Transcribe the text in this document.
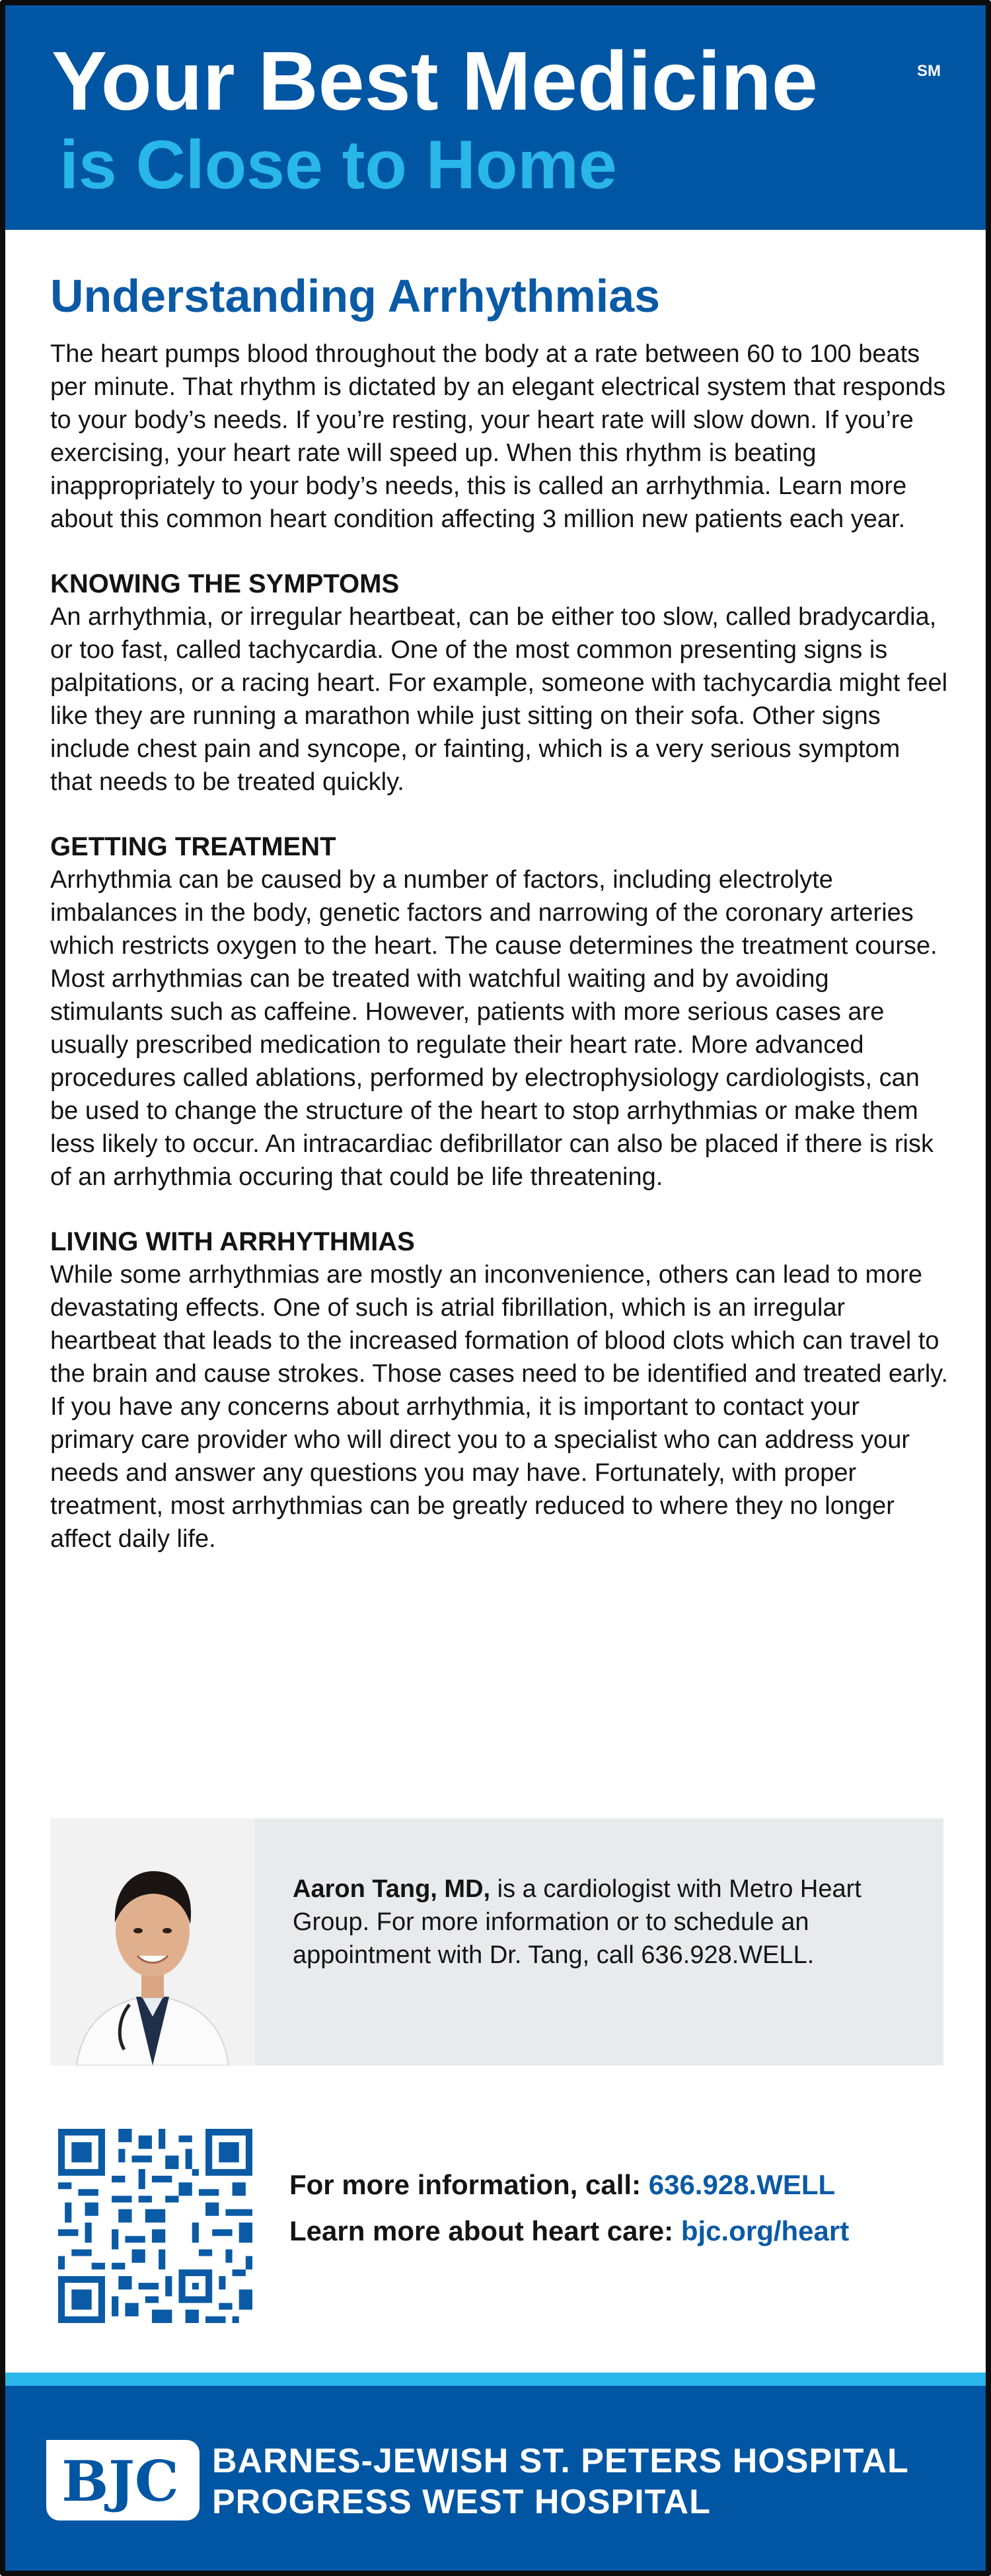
Your Best Medicine	SM
is Close to Home
Understanding Arrhythmias

The heart pumps blood throughout the body at a rate between 60 to 100 beats per minute. That rhythm is dictated by an elegant electrical system that responds to your body’s needs. If you’re resting, your heart rate will slow down. If you’re exercising, your heart rate will speed up. When this rhythm is beating inappropriately to your body’s needs, this is called an arrhythmia. Learn more about this common heart condition affecting 3 million new patients each year.

KNOWING THE SYMPTOMS

An arrhythmia, or irregular heartbeat, can be either too slow, called bradycardia, or too fast, called tachycardia. One of the most common presenting signs is palpitations, or a racing heart. For example, someone with tachycardia might feel like they are running a marathon while just sitting on their sofa. Other signs include chest pain and syncope, or fainting, which is a very serious symptom that needs to be treated quickly.

GETTING TREATMENT

Arrhythmia can be caused by a number of factors, including electrolyte imbalances in the body, genetic factors and narrowing of the coronary arteries which restricts oxygen to the heart. The cause determines the treatment course. Most arrhythmias can be treated with watchful waiting and by avoiding stimulants such as caffeine. However, patients with more serious cases are usually prescribed medication to regulate their heart rate. More advanced procedures called ablations, performed by electrophysiology cardiologists, can be used to change the structure of the heart to stop arrhythmias or make them less likely to occur. An intracardiac defibrillator can also be placed if there is risk of an arrhythmia occuring that could be life threatening.

LIVING WITH ARRHYTHMIAS

While some arrhythmias are mostly an inconvenience, others can lead to more devastating effects. One of such is atrial fibrillation, which is an irregular heartbeat that leads to the increased formation of blood clots which can travel to the brain and cause strokes. Those cases need to be identified and treated early. If you have any concerns about arrhythmia, it is important to contact your primary care provider who will direct you to a specialist who can address your needs and answer any questions you may have. Fortunately, with proper treatment, most arrhythmias can be greatly reduced to where they no longer affect daily life.

Aaron Tang, MD, is a cardiologist with Metro Heart Group. For more information or to schedule an appointment with Dr. Tang, call 636.928.WELL.
For more information, call: 636.928.WELL
Learn more about heart care: bjc.org/heart
BJC BARNES-JEWISH ST. PETERS HOSPITAL
PROGRESS WEST HOSPITAL
